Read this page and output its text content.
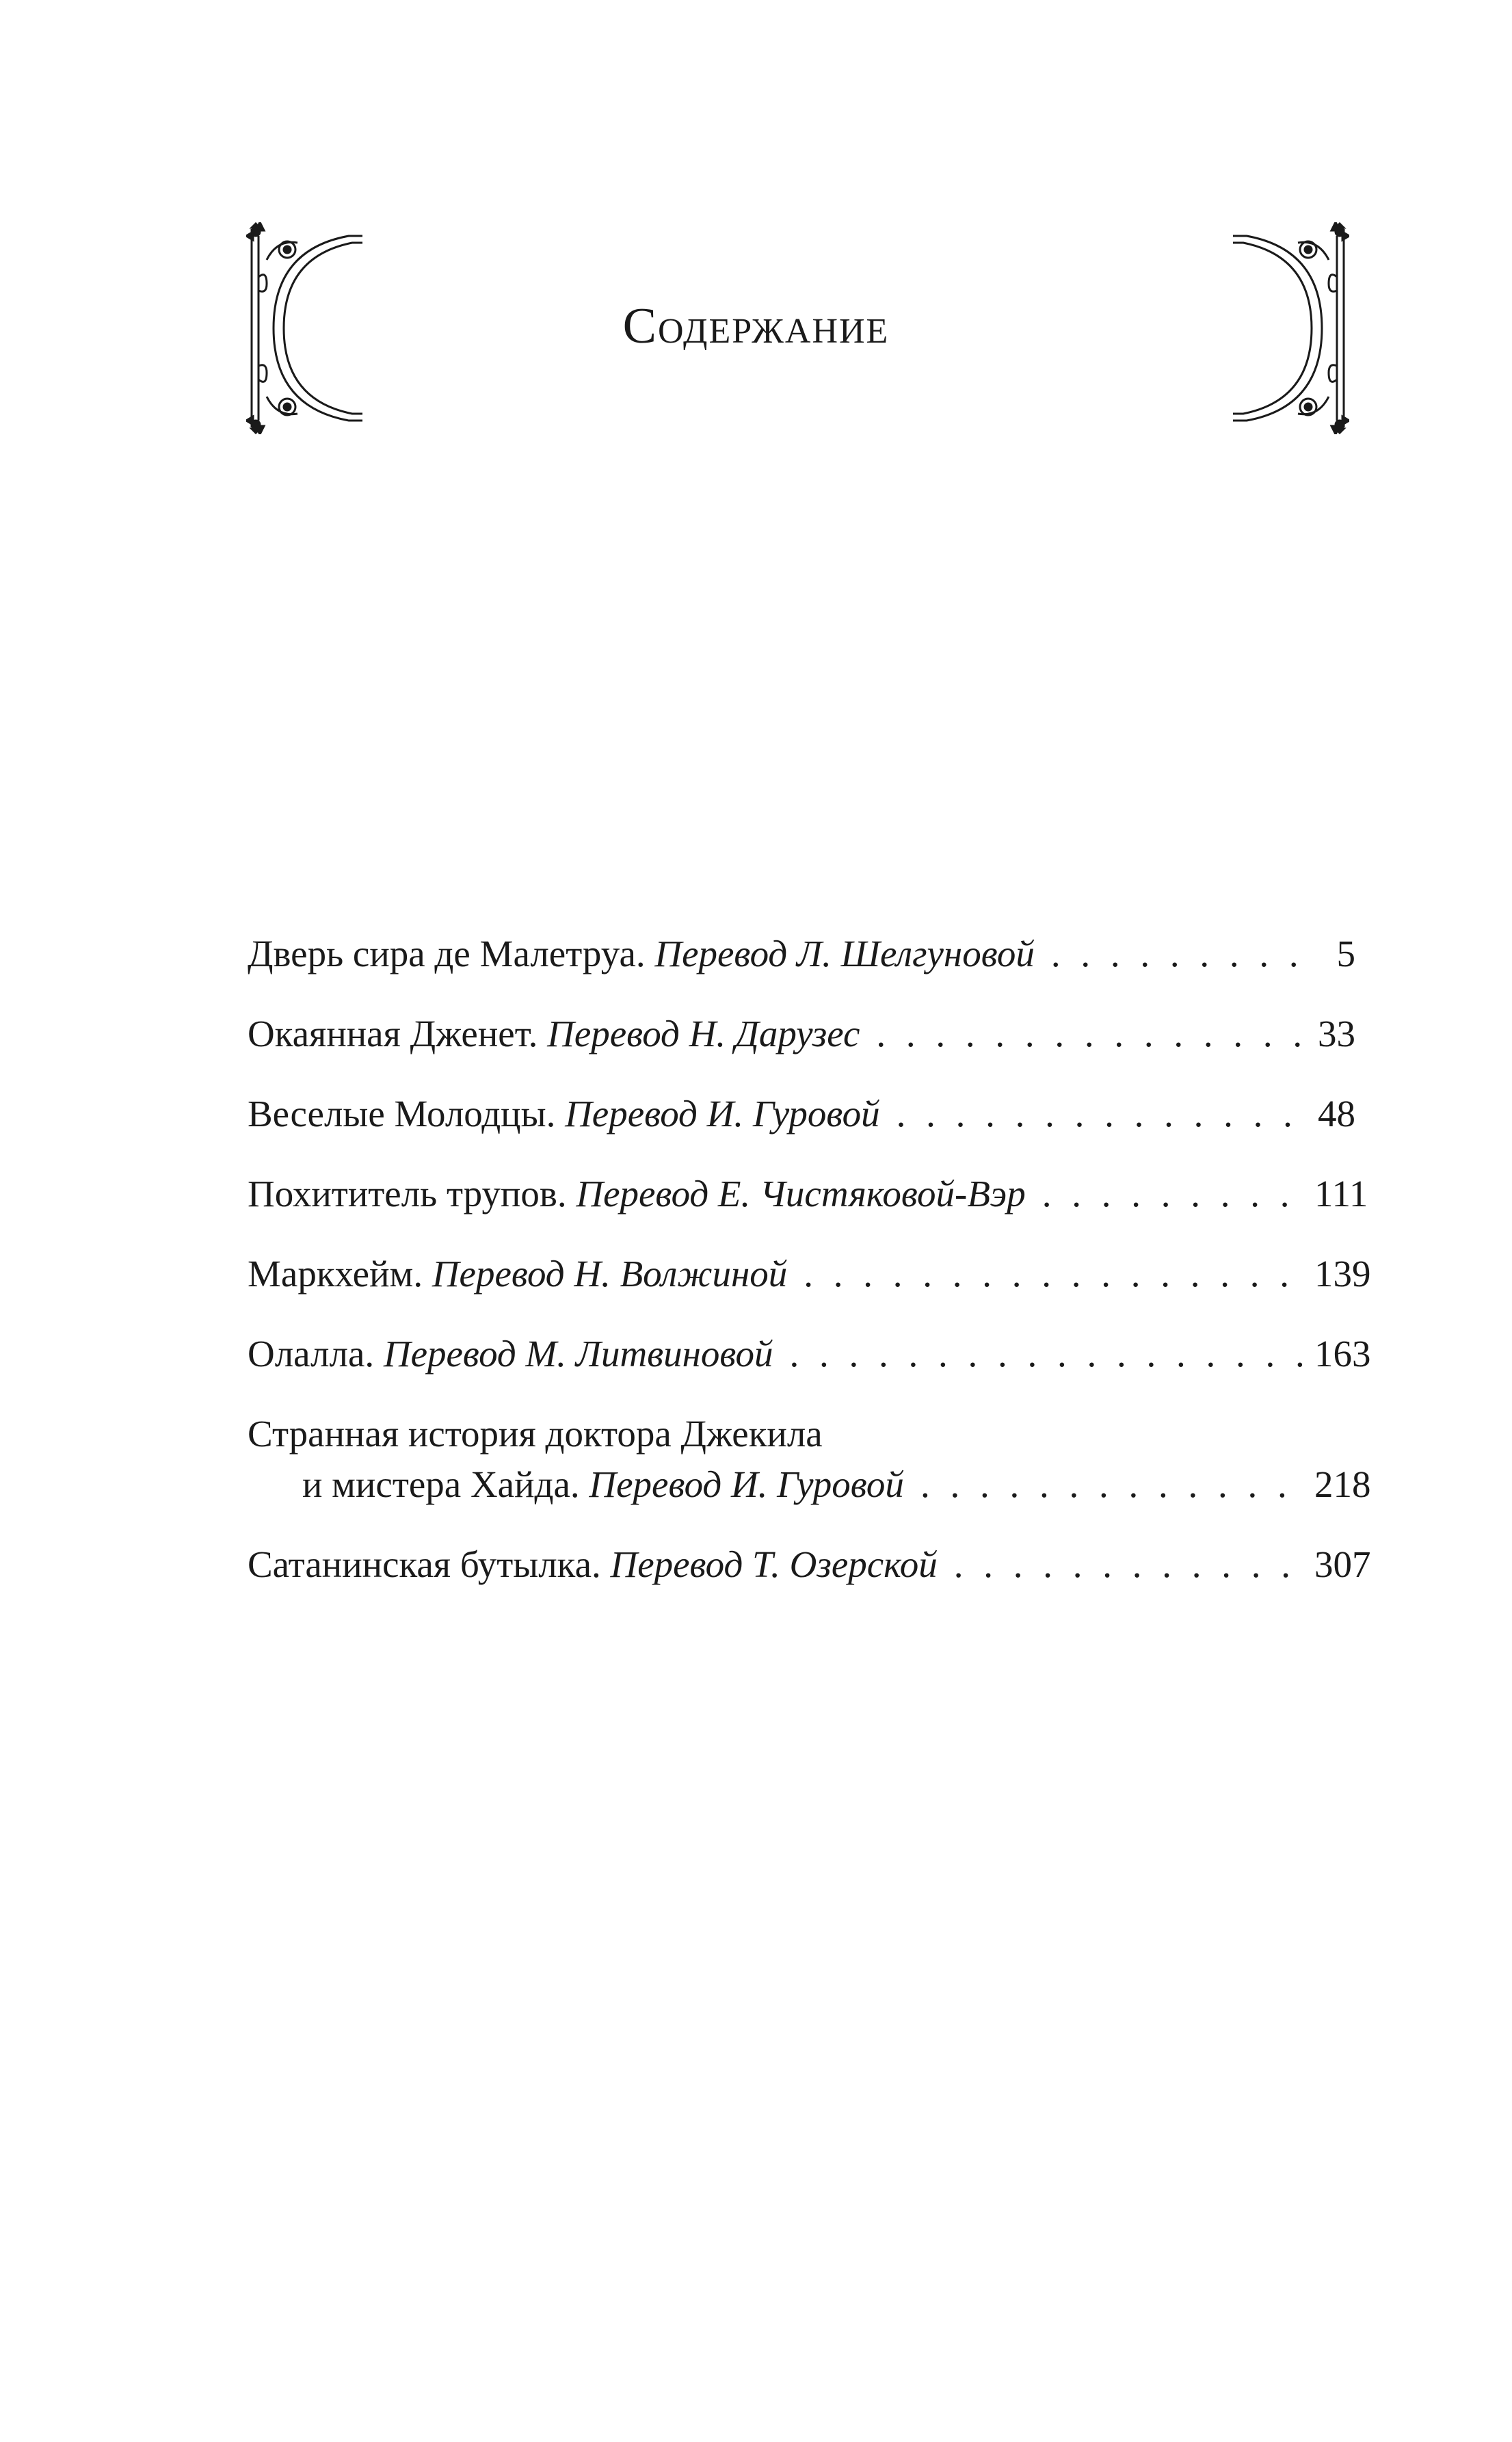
Содержание
Дверь сира де Малетруа. Перевод Л. Шелгуновой . . .	5
Окаянная Дженет. Перевод Н. Дарузес . . .	33
Веселые Молодцы. Перевод И. Гуровой . . .	48
Похититель трупов. Перевод Е. Чистяковой-Вэр . . .	111
Маркхейм. Перевод Н. Волжиной . . .	139
Олалла. Перевод М. Литвиновой . . .	163
Странная история доктора Джекила
и мистера Хайда. Перевод И. Гуровой . . .	218
Сатанинская бутылка. Перевод Т. Озерской . . .	307
